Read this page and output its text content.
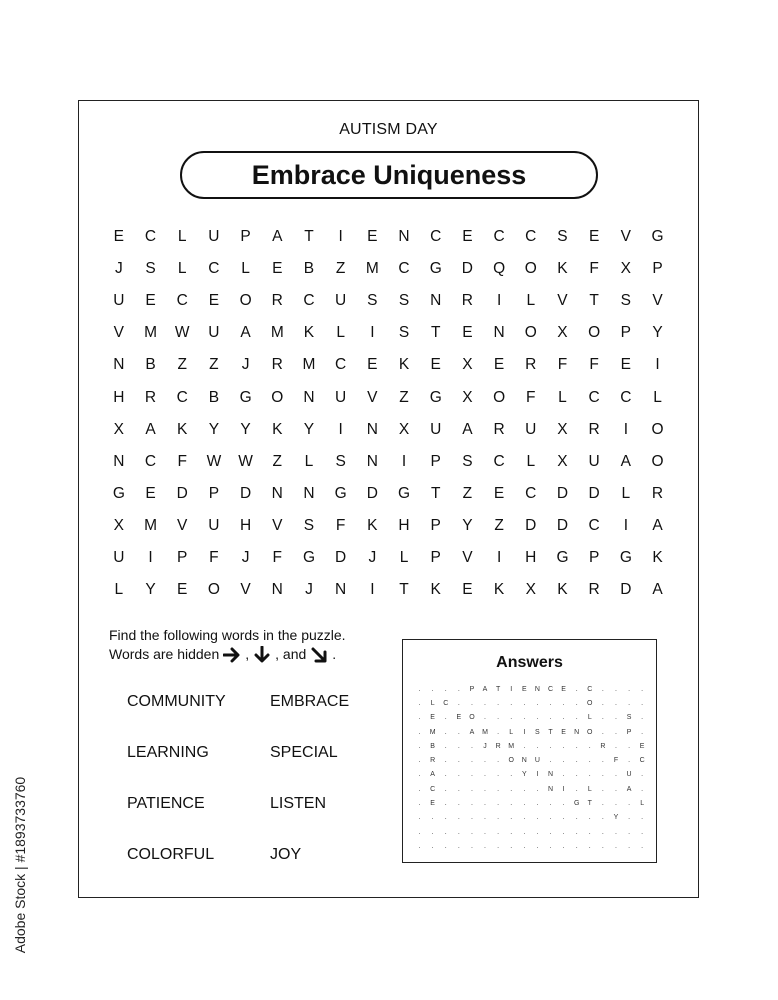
AUTISM DAY
Embrace Uniqueness
E	C	L	U	P	A	T	I	E	N	C	E	C	C	S	E	V	G
J	S	L	C	L	E	B	Z	M	C	G	D	Q	O	K	F	X	P
U	E	C	E	O	R	C	U	S	S	N	R	I	L	V	T	S	V
V	M	W	U	A	M	K	L	I	S	T	E	N	O	X	O	P	Y
N	B	Z	Z	J	R	M	C	E	K	E	X	E	R	F	F	E	I
H	R	C	B	G	O	N	U	V	Z	G	X	O	F	L	C	C	L
X	A	K	Y	Y	K	Y	I	N	X	U	A	R	U	X	R	I	O
N	C	F	W	W	Z	L	S	N	I	P	S	C	L	X	U	A	O
G	E	D	P	D	N	N	G	D	G	T	Z	E	C	D	D	L	R
X	M	V	U	H	V	S	F	K	H	P	Y	Z	D	D	C	I	A
U	I	P	F	J	F	G	D	J	L	P	V	I	H	G	P	G	K
L	Y	E	O	V	N	J	N	I	T	K	E	K	X	K	R	D	A
Find the following words in the puzzle.
Words are hidden , , and .
COMMUNITY	EMBRACE
LEARNING	SPECIAL
PATIENCE	LISTEN
COLORFUL	JOY
Answers
.	.	.	.	P	A	T	I	E	N	C	E	.	C	.	.	.	.
.	L	C	.	.	.	.	.	.	.	.	.	.	O	.	.	.	.
.	E	.	E	O	.	.	.	.	.	.	.	.	L	.	.	S	.
.	M	.	.	A	M	.	L	I	S	T	E	N	O	.	.	P	.
.	B	.	.	.	J	R	M	.	.	.	.	.	.	R	.	.	E
.	R	.	.	.	.	.	O	N	U	.	.	.	.	.	F	.	C
.	A	.	.	.	.	.	.	Y	I	N	.	.	.	.	.	U	.
.	C	.	.	.	.	.	.	.	.	N	I	.	L	.	.	A	.
.	E	.	.	.	.	.	.	.	.	.	.	G	T	.	.	.	L
.	.	.	.	.	.	.	.	.	.	.	.	.	.	.	Y	.	.
.	.	.	.	.	.	.	.	.	.	.	.	.	.	.	.	.	.
.	.	.	.	.	.	.	.	.	.	.	.	.	.	.	.	.	.
Adobe Stock | #1893733760
